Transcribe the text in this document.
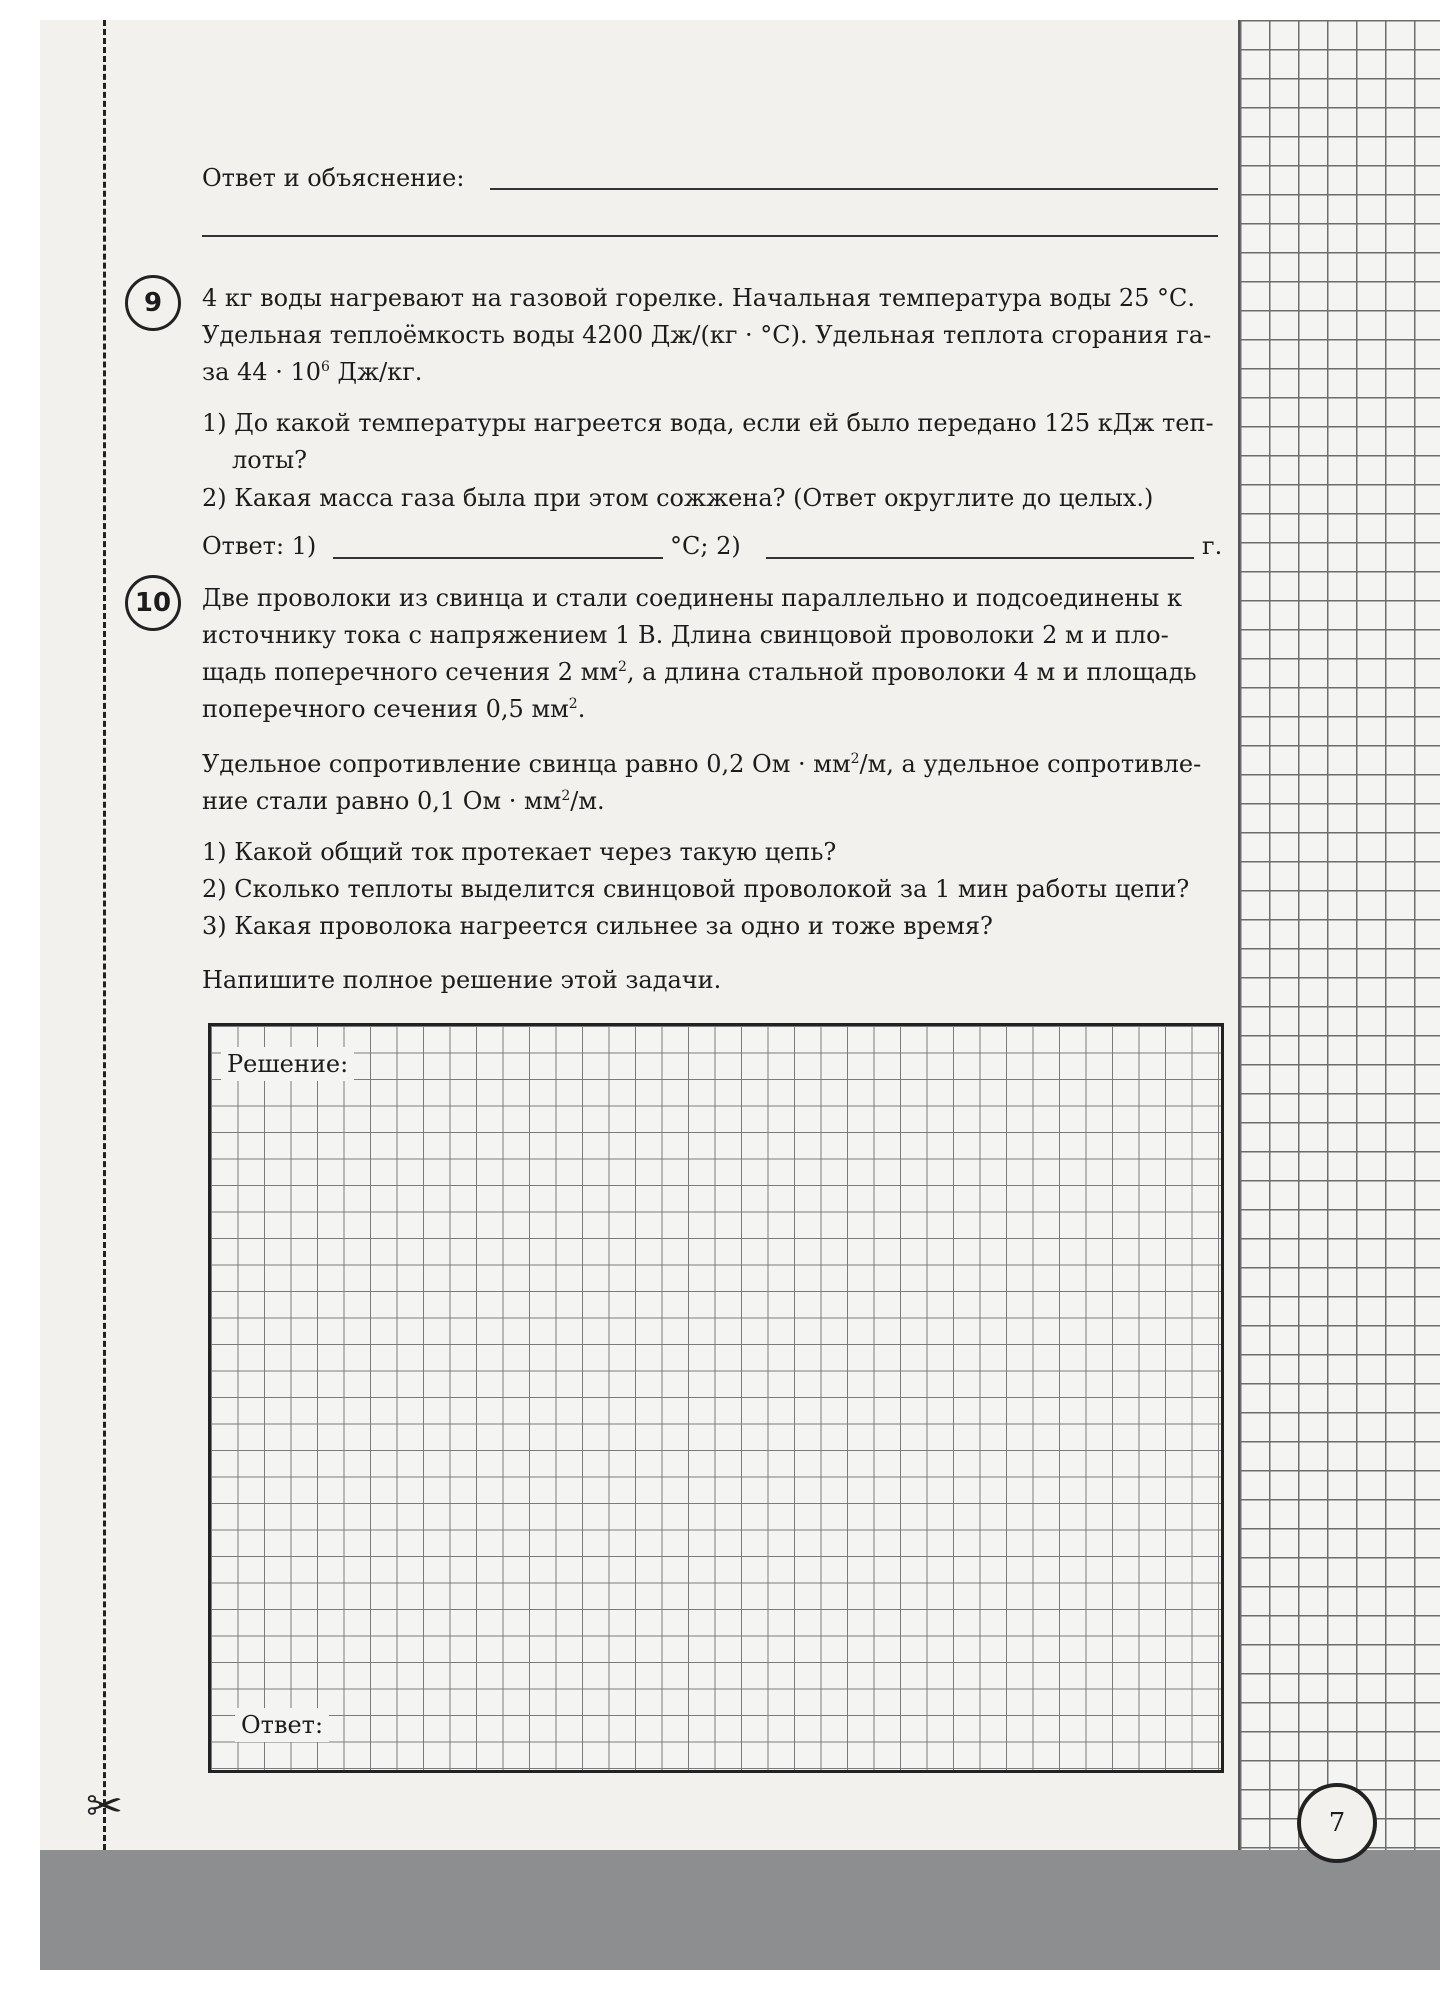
✂
Ответ и объяснение:
9	4 кг воды нагревают на газовой горелке. Начальная температура воды 25 °С.
Удельная теплоёмкость воды 4200 Дж/(кг · °С). Удельная теплота сгорания га-
за $44 \cdot 10^6$ Дж/кг.
1) До какой температуры нагреется вода, если ей было передано 125 кДж теп-
лоты?
2) Какая масса газа была при этом сожжена? (Ответ округлите до целых.)
Ответ: 1)	°С; 2)	г.
10	Две проволоки из свинца и стали соединены параллельно и подсоединены к
источнику тока с напряжением 1 В. Длина свинцовой проволоки 2 м и пло-
щадь поперечного сечения 2 $мм^2$, а длина стальной проволоки 4 м и площадь
поперечного сечения 0,5 $мм^2$.
Удельное сопротивление свинца равно 0,2 Ом · $мм^2/м$, а удельное сопротивле-
ние стали равно 0,1 Ом · $мм^2/м$.
1) Какой общий ток протекает через такую цепь?
2) Сколько теплоты выделится свинцовой проволокой за 1 мин работы цепи?
3) Какая проволока нагреется сильнее за одно и тоже время?
Напишите полное решение этой задачи.
Решение:
Ответ:
7
